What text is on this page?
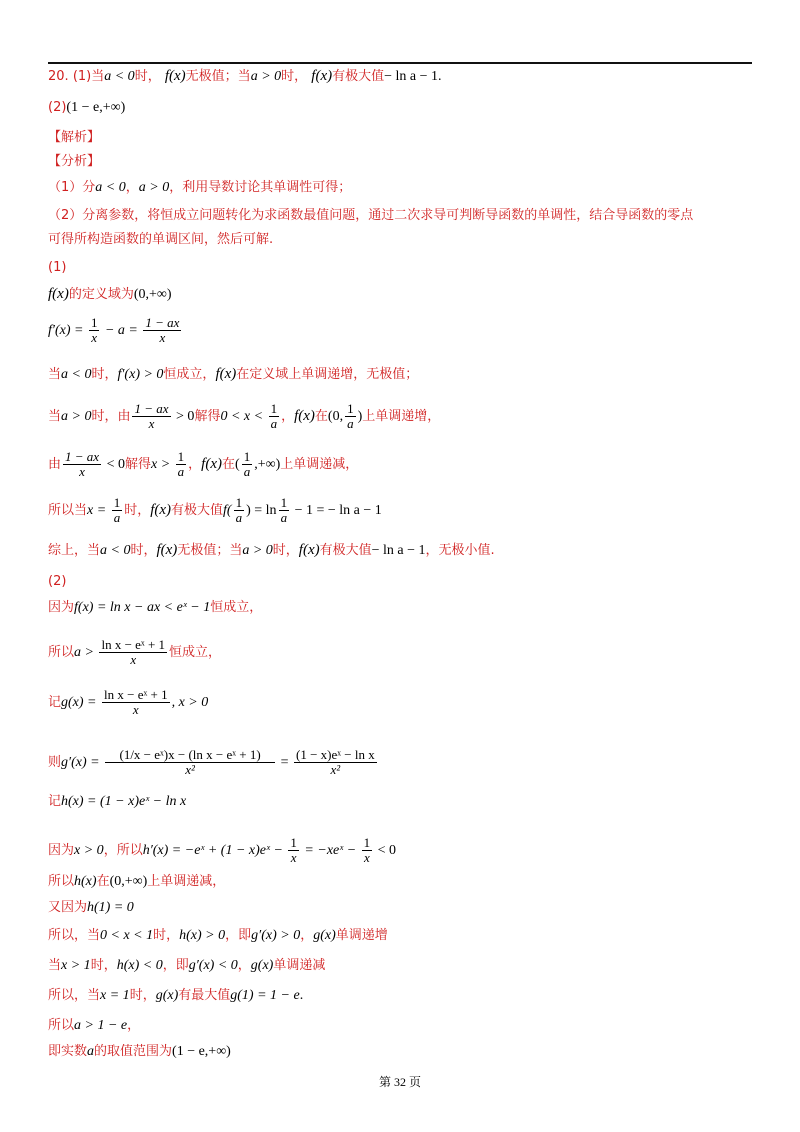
20. (1)当a < 0时， f(x)无极值；当a > 0时， f(x)有极大值− ln a − 1.
(2)(1 − e,+∞)
【解析】
【分析】
（1）分a < 0，a > 0，利用导数讨论其单调性可得；
（2）分离参数，将恒成立问题转化为求函数最值问题，通过二次求导可判断导函数的单调性，结合导函数的零点
可得所构造函数的单调区间，然后可解.
(1)
f(x)的定义域为(0,+∞)
$f'(x) = \frac{1}{x} - a = \frac{1 - ax}{x}$
当a < 0时，f′(x) > 0恒成立，f(x)在定义域上单调递增，无极值；
当a > 0时，由 $\frac{1 - ax}{x} > 0$解得$0 < x < \frac{1}{a}$ ，f(x)在(0, $\frac{1}{a}$ )上单调递增，
由 $\frac{1 - ax}{x} < 0$解得$x > \frac{1}{a}$ ，f(x)在( $\frac{1}{a}$ ,+∞)上单调递减，
所以当$x = \frac{1}{a}$ 时，f(x)有极大值$f( \frac{1}{a}$ ) = $\ln \frac{1}{a} - 1$ = − ln a − 1
综上，当a < 0时，f(x)无极值；当a > 0时，f(x)有极大值− ln a − 1，无极小值.
(2)
因为f(x) = ln x − ax < eˣ − 1恒成立，
所以$a > \frac{\text{ln x − eˣ + 1}}{x}$ 恒成立，
记$g(x) = \frac{\text{ln x − eˣ + 1}}{x}$ , x > 0
则$g'(x) = \frac{\text{(1/x − eˣ)x − (ln x − eˣ + 1)}}{\text{x²}} = \frac{\text{(1 − x)eˣ − ln x}}{\text{x²}}$
记h(x) = (1 − x)eˣ − ln x
因为x > 0，所以h′(x) = −eˣ + (1 − x)eˣ − $\frac{1}{x}$ = −xeˣ − $\frac{1}{x} < 0$
所以h(x)在(0,+∞)上单调递减，
又因为h(1) = 0
所以，当0 < x < 1时，h(x) > 0，即g′(x) > 0，g(x)单调递增
当x > 1时，h(x) < 0，即g′(x) < 0，g(x)单调递减
所以，当x = 1时，g(x)有最大值g(1) = 1 − e.
所以a > 1 − e，
即实数a的取值范围为(1 − e,+∞)
第 32 页
